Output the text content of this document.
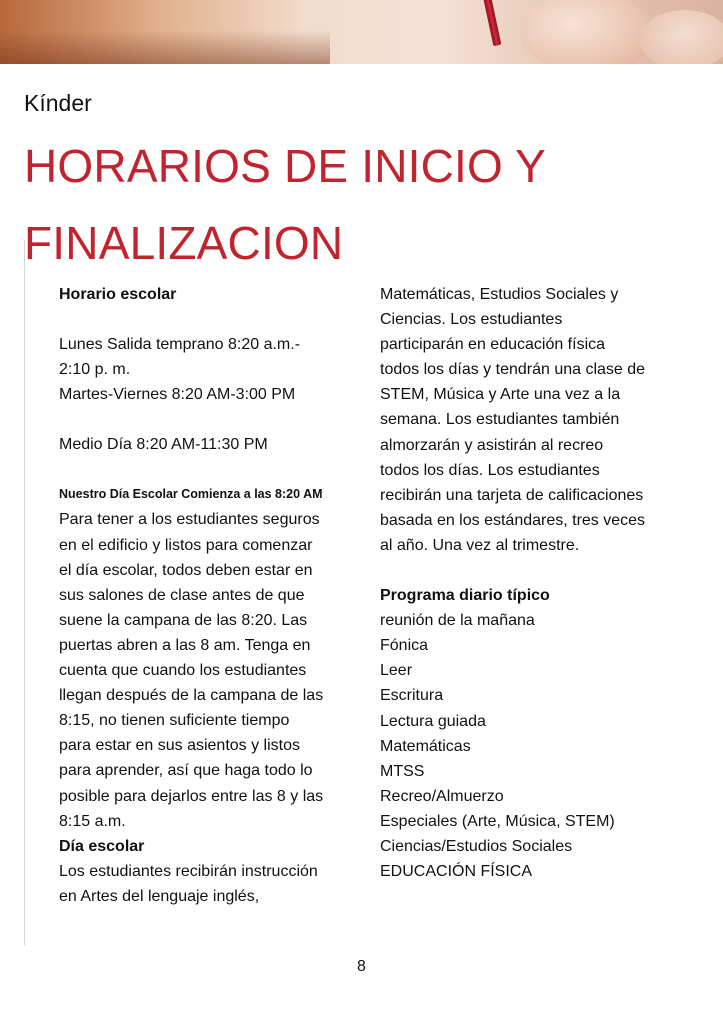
Kínder
HORARIOS DE INICIO Y
FINALIZACION

Horario escolar

Lunes Salida temprano 8:20 a.m.-

2:10 p. m.

Martes-Viernes 8:20 AM-3:00 PM

Medio Día 8:20 AM-11:30 PM

Nuestro Día Escolar Comienza a las 8:20 AM

Para tener a los estudiantes seguros

en el edificio y listos para comenzar

el día escolar, todos deben estar en

sus salones de clase antes de que

suene la campana de las 8:20. Las

puertas abren a las 8 am. Tenga en

cuenta que cuando los estudiantes

llegan después de la campana de las

8:15, no tienen suficiente tiempo

para estar en sus asientos y listos

para aprender, así que haga todo lo

posible para dejarlos entre las 8 y las

8:15 a.m.

Día escolar

Los estudiantes recibirán instrucción

en Artes del lenguaje inglés,

Matemáticas, Estudios Sociales y

Ciencias. Los estudiantes

participarán en educación física

todos los días y tendrán una clase de

STEM, Música y Arte una vez a la

semana. Los estudiantes también

almorzarán y asistirán al recreo

todos los días. Los estudiantes

recibirán una tarjeta de calificaciones

basada en los estándares, tres veces

al año. Una vez al trimestre.

Programa diario típico

reunión de la mañana

Fónica

Leer

Escritura

Lectura guiada

Matemáticas

MTSS

Recreo/Almuerzo

Especiales (Arte, Música, STEM)

Ciencias/Estudios Sociales

EDUCACIÓN FÍSICA

8
